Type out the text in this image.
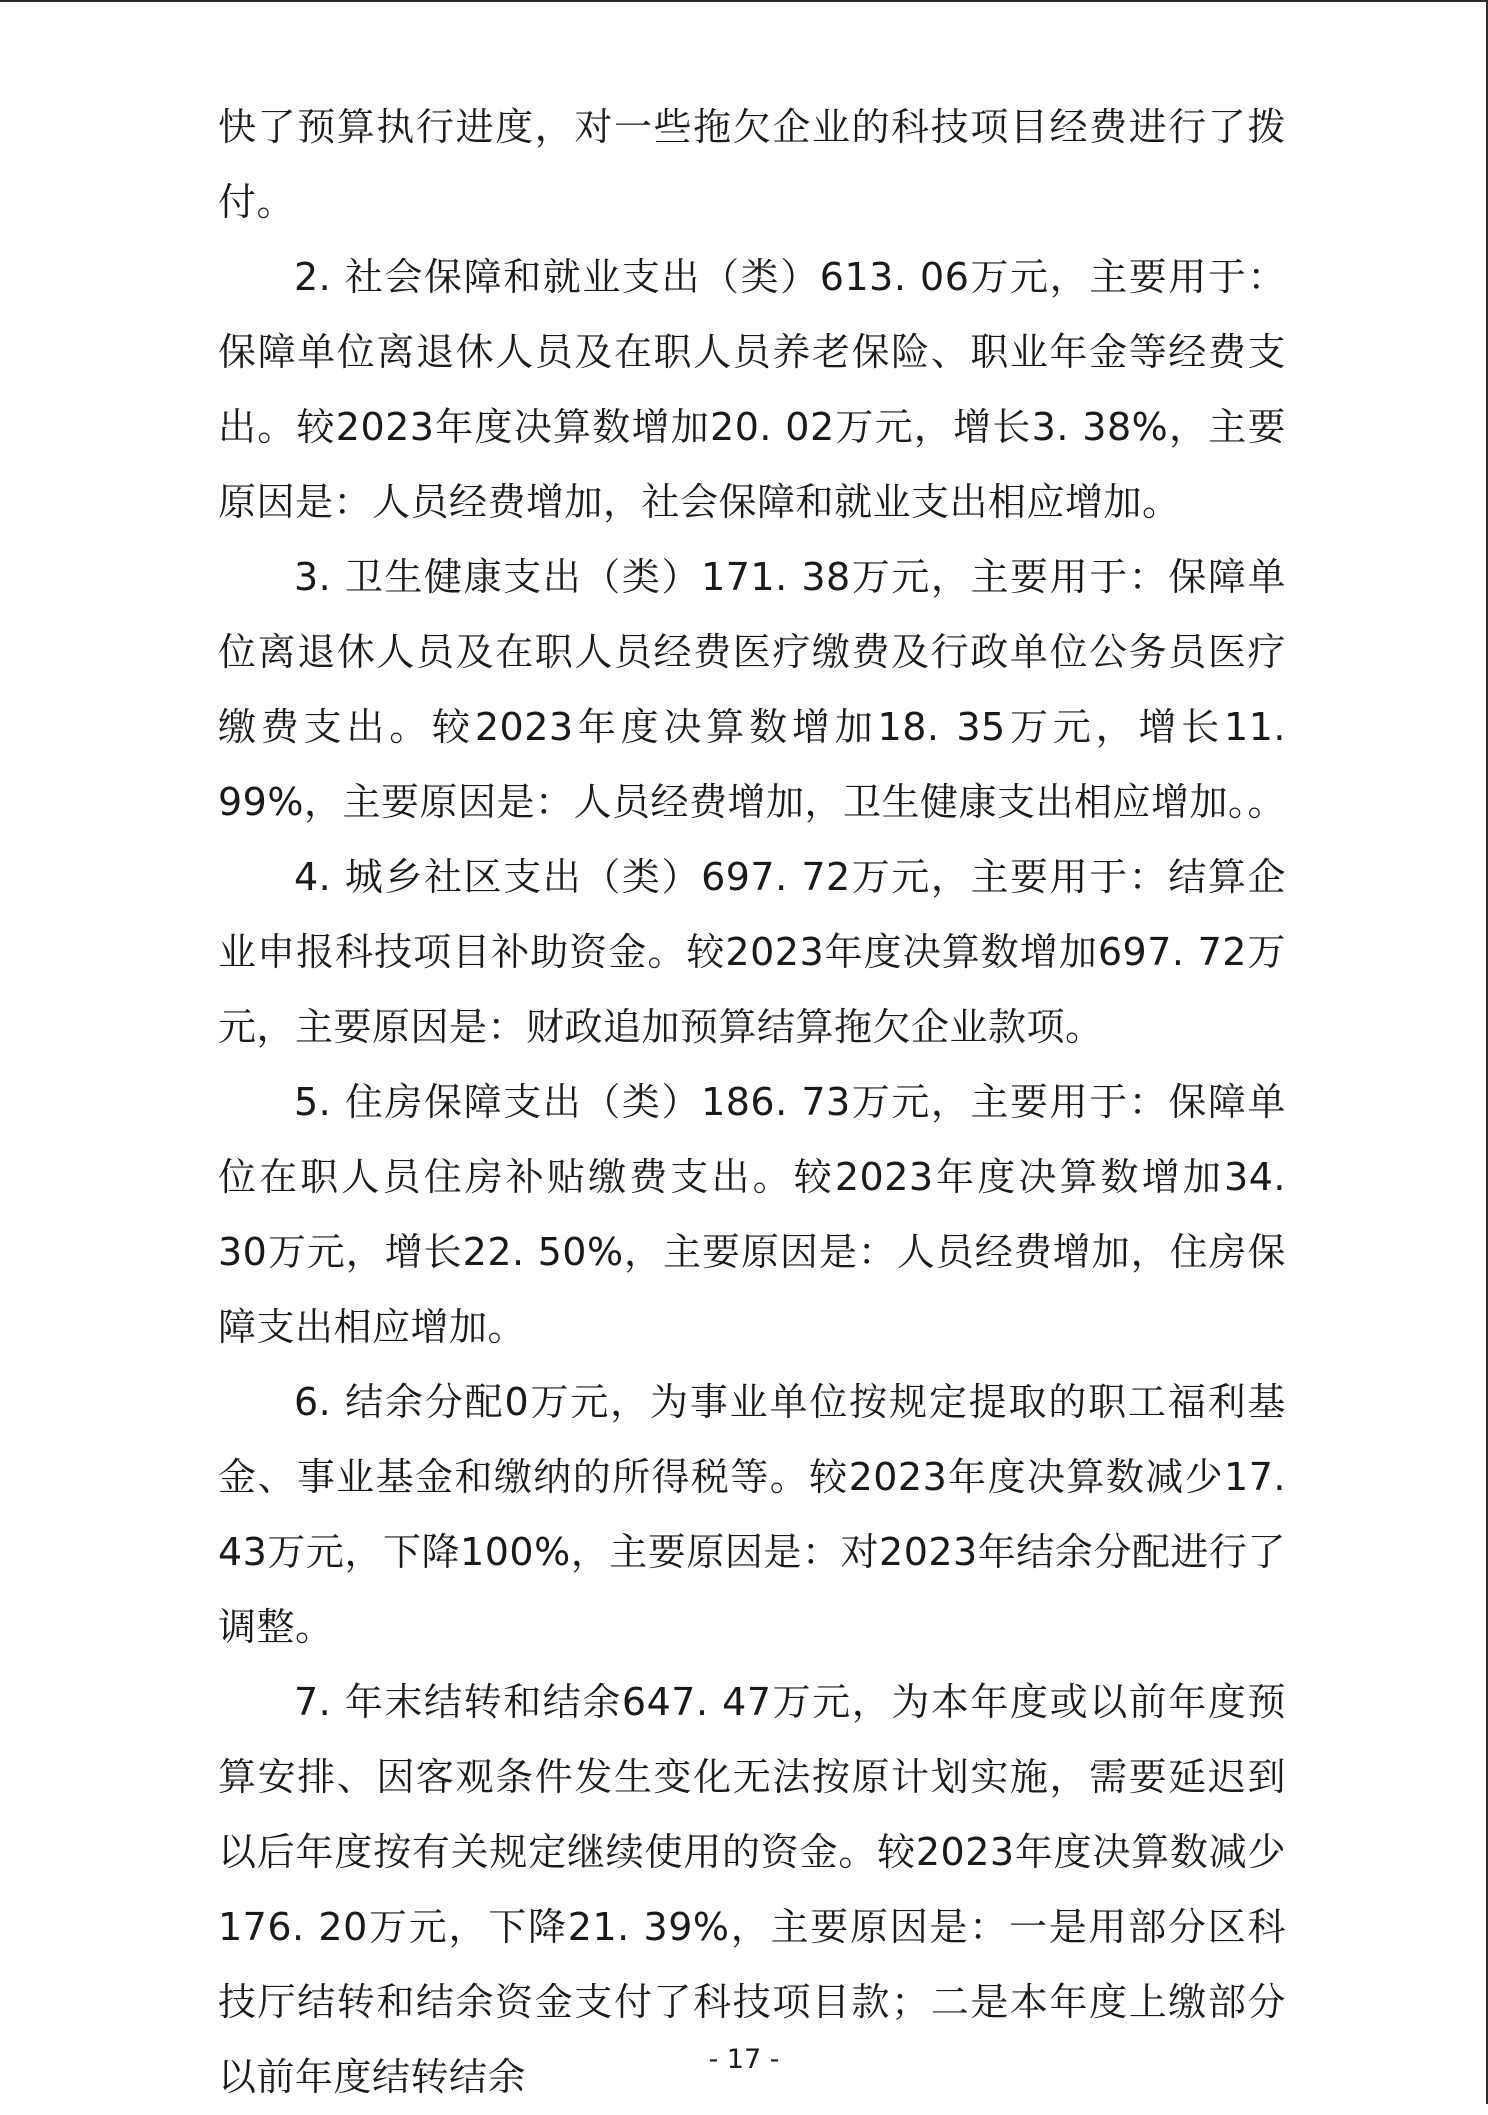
快了预算执行进度，对一些拖欠企业的科技项目经费进行了拨付。

2. 社会保障和就业支出（类）613. 06万元，主要用于：保障单位离退休人员及在职人员养老保险、职业年金等经费支出。较2023年度决算数增加20. 02万元，增长3. 38%，主要原因是：人员经费增加，社会保障和就业支出相应增加。

3. 卫生健康支出（类）171. 38万元，主要用于：保障单位离退休人员及在职人员经费医疗缴费及行政单位公务员医疗缴费支出。较2023年度决算数增加18. 35万元，增长11. 99%，主要原因是：人员经费增加，卫生健康支出相应增加。。

4. 城乡社区支出（类）697. 72万元，主要用于：结算企业申报科技项目补助资金。较2023年度决算数增加697. 72万元，主要原因是：财政追加预算结算拖欠企业款项。

5. 住房保障支出（类）186. 73万元，主要用于：保障单位在职人员住房补贴缴费支出。较2023年度决算数增加34. 30万元，增长22. 50%，主要原因是：人员经费增加，住房保障支出相应增加。

6. 结余分配0万元，为事业单位按规定提取的职工福利基金、事业基金和缴纳的所得税等。较2023年度决算数减少17. 43万元，下降100%，主要原因是：对2023年结余分配进行了调整。

7. 年末结转和结余647. 47万元，为本年度或以前年度预算安排、因客观条件发生变化无法按原计划实施，需要延迟到以后年度按有关规定继续使用的资金。较2023年度决算数减少176. 20万元，下降21. 39%，主要原因是：一是用部分区科技厅结转和结余资金支付了科技项目款；二是本年度上缴部分以前年度结转结余	- 17 -
